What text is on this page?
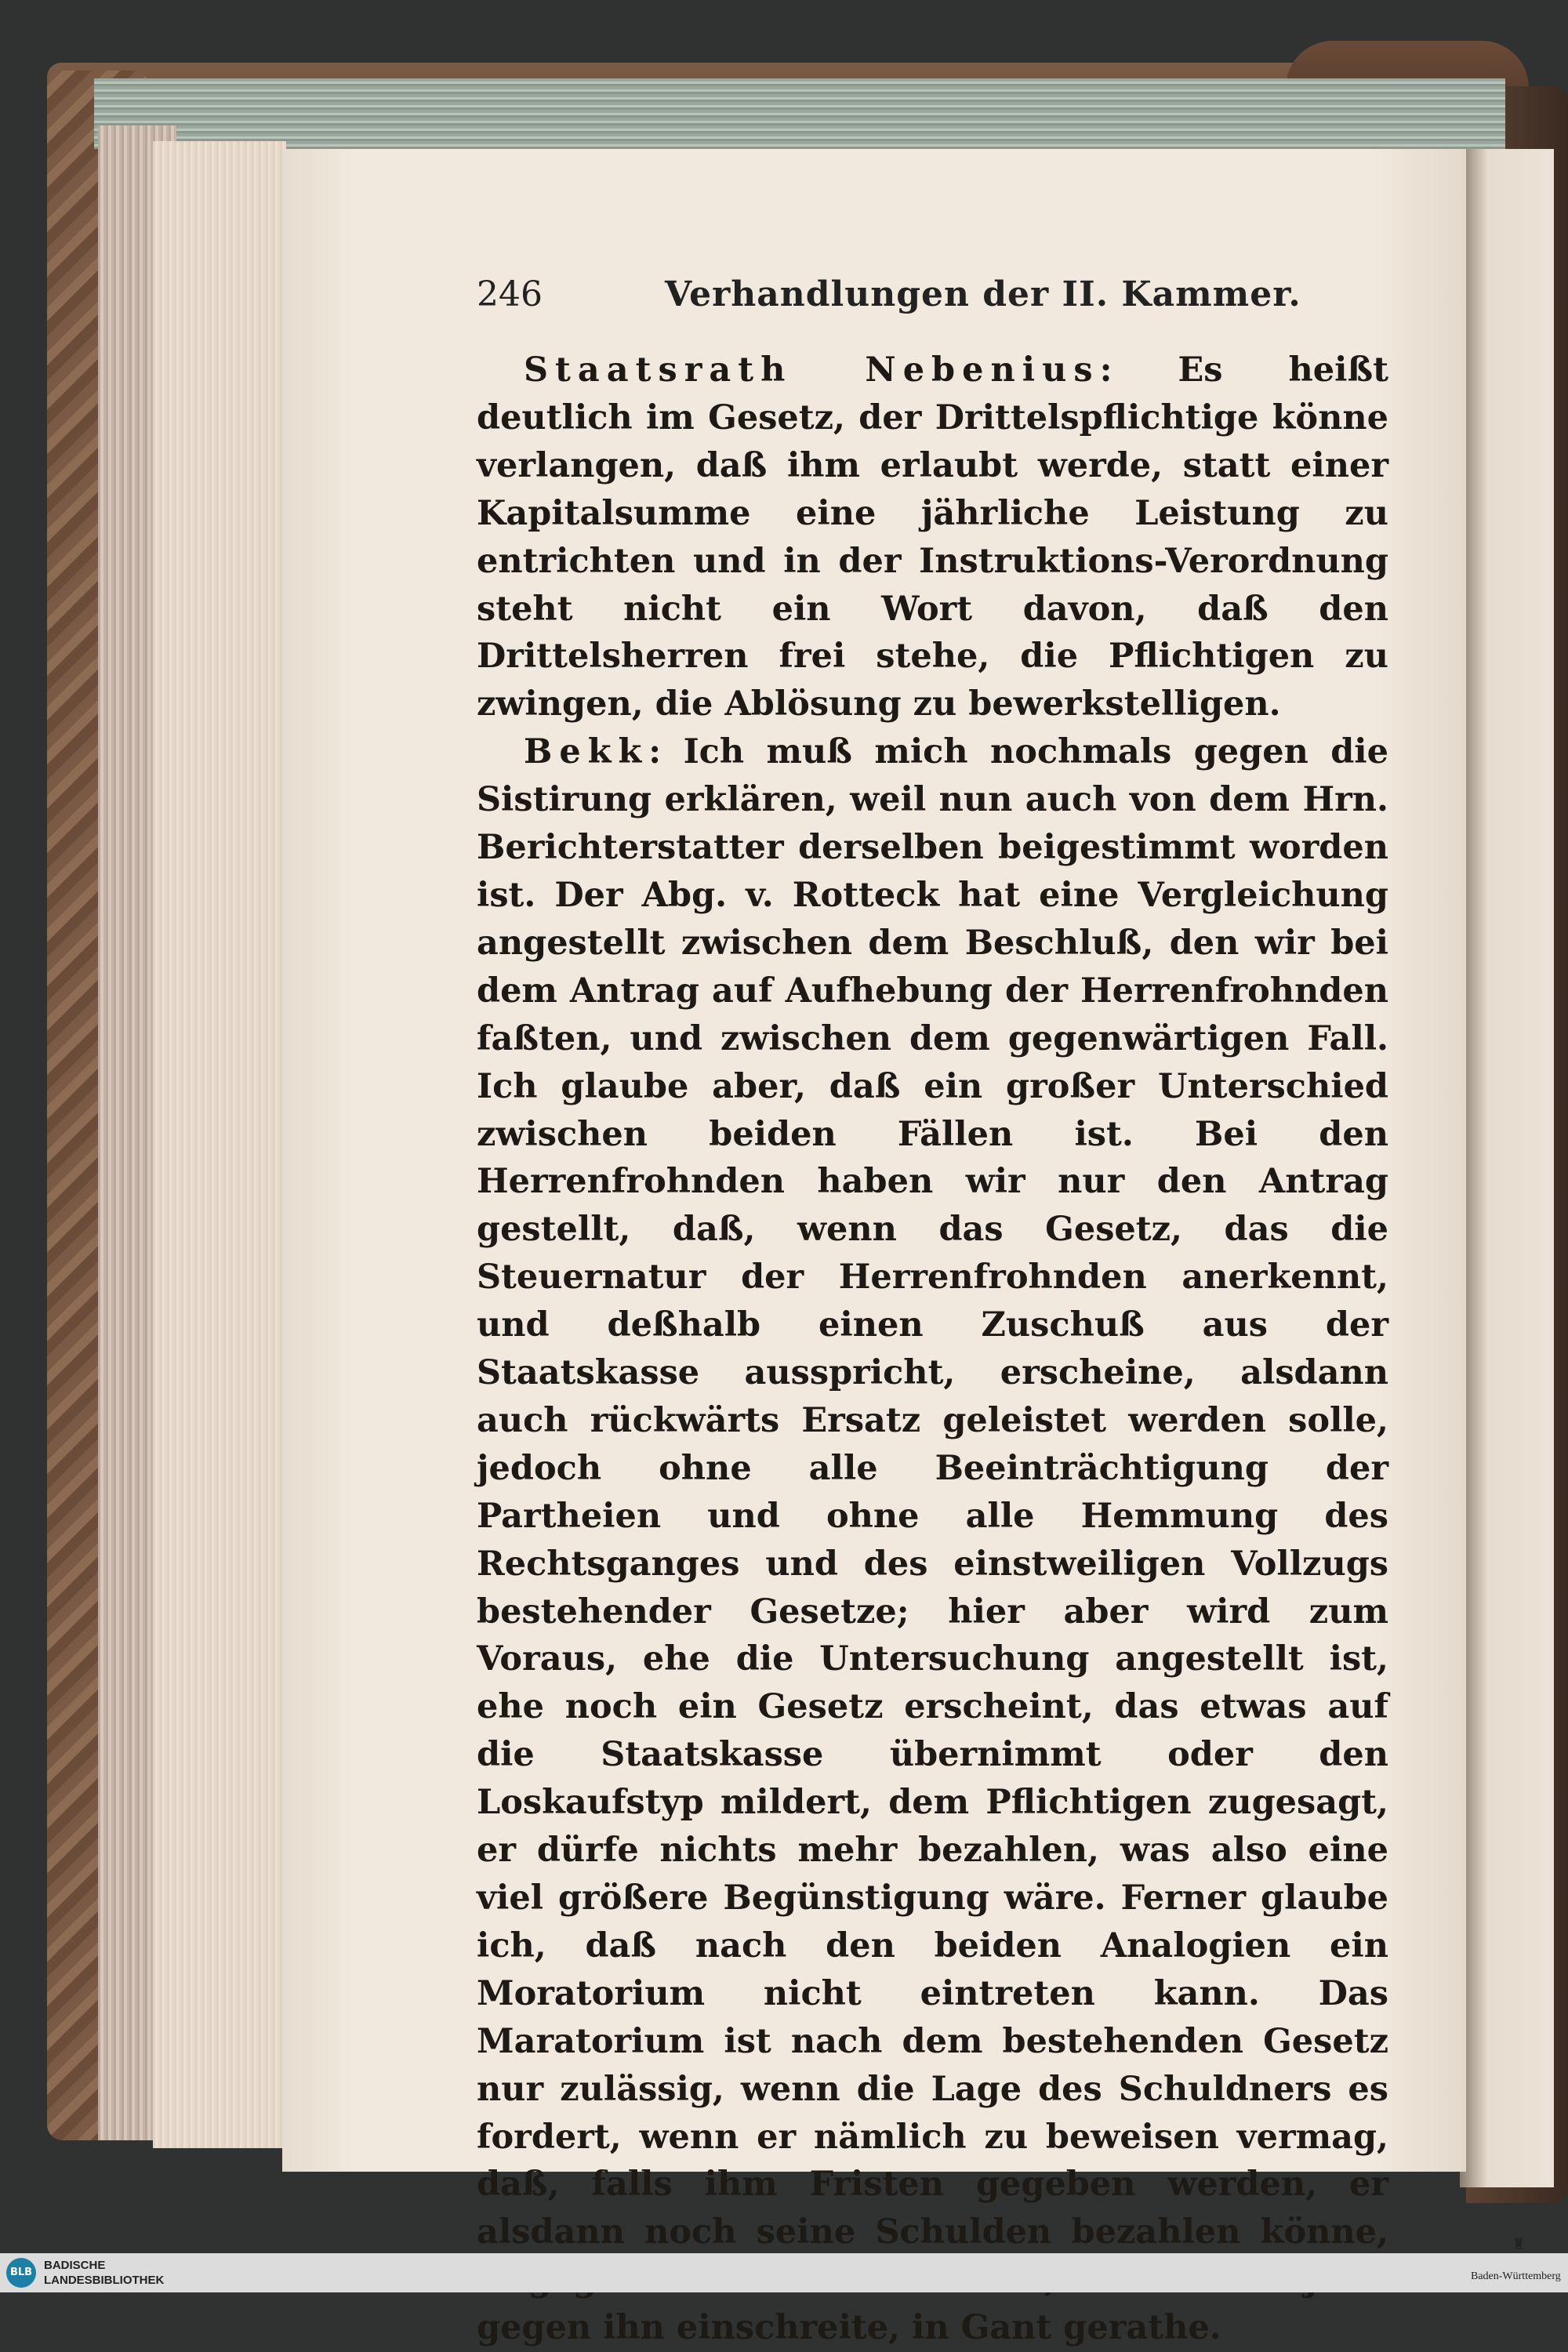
246	Verhandlungen der II. Kammer.

Staatsrath Nebenius: Es heißt deutlich im Gesetz, der Drittelspflichtige könne verlangen, daß ihm erlaubt werde, statt einer Kapitalsumme eine jährliche Leistung zu entrichten und in der Instruktions-Verordnung steht nicht ein Wort davon, daß den Drittelsherren frei stehe, die Pflichtigen zu zwingen, die Ablösung zu bewerkstelligen.

Bekk: Ich muß mich nochmals gegen die Sistirung erklären, weil nun auch von dem Hrn. Berichterstatter derselben beigestimmt worden ist. Der Abg. v. Rotteck hat eine Vergleichung angestellt zwischen dem Beschluß, den wir bei dem Antrag auf Aufhebung der Herrenfrohnden faßten, und zwischen dem gegenwärtigen Fall. Ich glaube aber, daß ein großer Unterschied zwischen beiden Fällen ist. Bei den Herrenfrohnden haben wir nur den Antrag gestellt, daß, wenn das Gesetz, das die Steuernatur der Herrenfrohnden anerkennt, und deßhalb einen Zuschuß aus der Staatskasse ausspricht, erscheine, alsdann auch rückwärts Ersatz geleistet werden solle, jedoch ohne alle Beeinträchtigung der Partheien und ohne alle Hemmung des Rechtsganges und des einstweiligen Vollzugs bestehender Gesetze; hier aber wird zum Voraus, ehe die Untersuchung angestellt ist, ehe noch ein Gesetz erscheint, das etwas auf die Staatskasse übernimmt oder den Loskaufstyp mildert, dem Pflichtigen zugesagt, er dürfe nichts mehr bezahlen, was also eine viel größere Begünstigung wäre. Ferner glaube ich, daß nach den beiden Analogien ein Moratorium nicht eintreten kann. Das Maratorium ist nach dem bestehenden Gesetz nur zulässig, wenn die Lage des Schuldners es fordert, wenn er nämlich zu beweisen vermag, daß, falls ihm Fristen gegeben werden, er alsdann noch seine Schulden bezahlen könne, gegen ihn einschreite, in Gant gerathe.

BLB
BADISCHE
LANDESBIBLIOTHEK
♜
Baden-Württemberg
